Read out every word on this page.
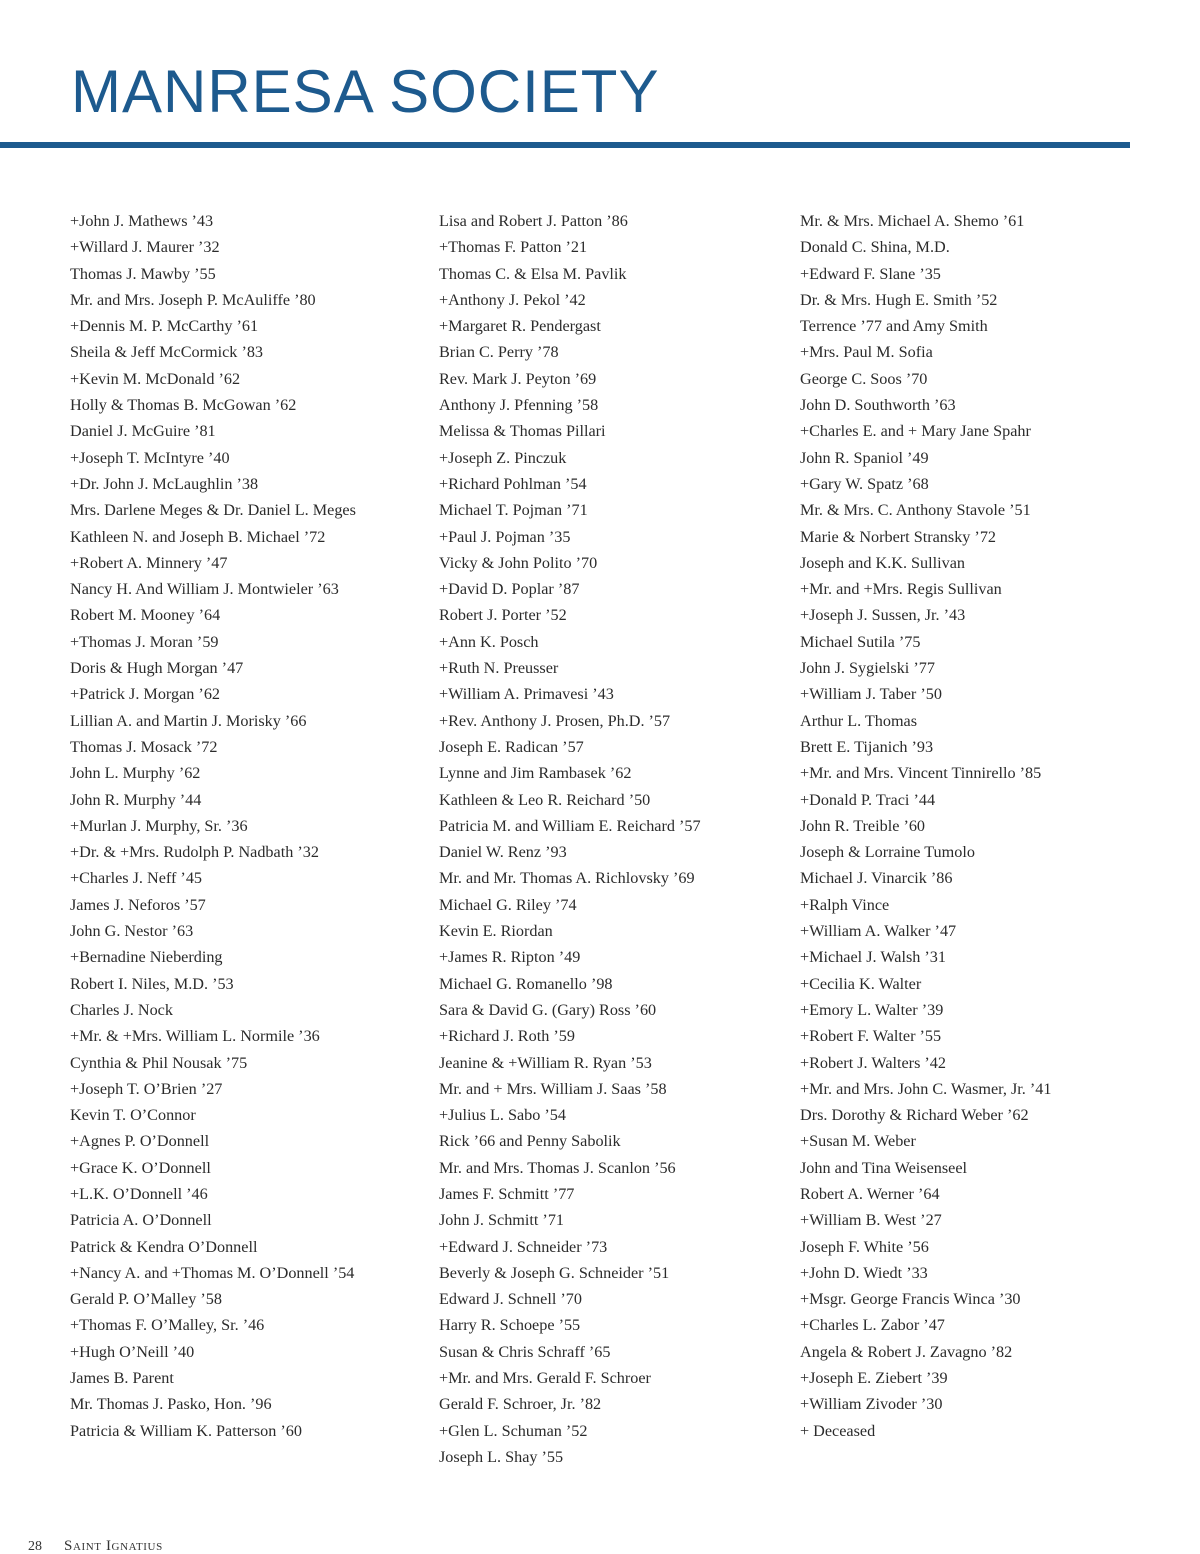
MANRESA SOCIETY
+John J. Mathews ’43
+Willard J. Maurer ’32
Thomas J. Mawby ’55
Mr. and Mrs. Joseph P. McAuliffe ’80
+Dennis M. P. McCarthy ’61
Sheila & Jeff McCormick ’83
+Kevin M. McDonald ’62
Holly & Thomas B. McGowan ’62
Daniel J. McGuire ’81
+Joseph T. McIntyre ’40
+Dr. John J. McLaughlin ’38
Mrs. Darlene Meges & Dr. Daniel L. Meges
Kathleen N. and Joseph B. Michael ’72
+Robert A. Minnery ’47
Nancy H. And William J. Montwieler ’63
Robert M. Mooney ’64
+Thomas J. Moran ’59
Doris & Hugh Morgan ’47
+Patrick J. Morgan ’62
Lillian A. and Martin J. Morisky ’66
Thomas J. Mosack ’72
John L. Murphy ’62
John R. Murphy ’44
+Murlan J. Murphy, Sr. ’36
+Dr. & +Mrs. Rudolph P. Nadbath ’32
+Charles J. Neff ’45
James J. Neforos ’57
John G. Nestor ’63
+Bernadine Nieberding
Robert I. Niles, M.D. ’53
Charles J. Nock
+Mr. & +Mrs. William L. Normile ’36
Cynthia & Phil Nousak ’75
+Joseph T. O’Brien ’27
Kevin T. O’Connor
+Agnes P. O’Donnell
+Grace K. O’Donnell
+L.K. O’Donnell ’46
Patricia A. O’Donnell
Patrick & Kendra O’Donnell
+Nancy A. and +Thomas M. O’Donnell ’54
Gerald P. O’Malley ’58
+Thomas F. O’Malley, Sr. ’46
+Hugh O’Neill ’40
James B. Parent
Mr. Thomas J. Pasko, Hon. ’96
Patricia & William K. Patterson ’60
Lisa and Robert J. Patton ’86
+Thomas F. Patton ’21
Thomas C. & Elsa M. Pavlik
+Anthony J. Pekol ’42
+Margaret R. Pendergast
Brian C. Perry ’78
Rev. Mark J. Peyton ’69
Anthony J. Pfenning ’58
Melissa & Thomas Pillari
+Joseph Z. Pinczuk
+Richard Pohlman ’54
Michael T. Pojman ’71
+Paul J. Pojman ’35
Vicky & John Polito ’70
+David D. Poplar ’87
Robert J. Porter ’52
+Ann K. Posch
+Ruth N. Preusser
+William A. Primavesi ’43
+Rev. Anthony J. Prosen, Ph.D. ’57
Joseph E. Radican ’57
Lynne and Jim Rambasek ’62
Kathleen & Leo R. Reichard ’50
Patricia M. and William E. Reichard ’57
Daniel W. Renz ’93
Mr. and Mr. Thomas A. Richlovsky ’69
Michael G. Riley ’74
Kevin E. Riordan
+James R. Ripton ’49
Michael G. Romanello ’98
Sara & David G. (Gary) Ross ’60
+Richard J. Roth ’59
Jeanine & +William R. Ryan ’53
Mr. and + Mrs. William J. Saas ’58
+Julius L. Sabo ’54
Rick ’66 and Penny Sabolik
Mr. and Mrs. Thomas J. Scanlon ’56
James F. Schmitt ’77
John J. Schmitt ’71
+Edward J. Schneider ’73
Beverly & Joseph G. Schneider ’51
Edward J. Schnell ’70
Harry R. Schoepe ’55
Susan & Chris Schraff ’65
+Mr. and Mrs. Gerald F. Schroer
Gerald F. Schroer, Jr. ’82
+Glen L. Schuman ’52
Joseph L. Shay ’55
Mr. & Mrs. Michael A. Shemo ’61
Donald C. Shina, M.D.
+Edward F. Slane ’35
Dr. & Mrs. Hugh E. Smith ’52
Terrence ’77 and Amy Smith
+Mrs. Paul M. Sofia
George C. Soos ’70
John D. Southworth ’63
+Charles E. and + Mary Jane Spahr
John R. Spaniol ’49
+Gary W. Spatz ’68
Mr. & Mrs. C. Anthony Stavole ’51
Marie & Norbert Stransky ’72
Joseph and K.K. Sullivan
+Mr. and +Mrs. Regis Sullivan
+Joseph J. Sussen, Jr. ’43
Michael Sutila ’75
John J. Sygielski ’77
+William J. Taber ’50
Arthur L. Thomas
Brett E. Tijanich ’93
+Mr. and Mrs. Vincent Tinnirello ’85
+Donald P. Traci ’44
John R. Treible ’60
Joseph & Lorraine Tumolo
Michael J. Vinarcik ’86
+Ralph Vince
+William A. Walker ’47
+Michael J. Walsh ’31
+Cecilia K. Walter
+Emory L. Walter ’39
+Robert F. Walter ’55
+Robert J. Walters ’42
+Mr. and Mrs. John C. Wasmer, Jr. ’41
Drs. Dorothy & Richard Weber ’62
+Susan M. Weber
John and Tina Weisenseel
Robert A. Werner ’64
+William B. West ’27
Joseph F. White ’56
+John D. Wiedt ’33
+Msgr. George Francis Winca ’30
+Charles L. Zabor ’47
Angela & Robert J. Zavagno ’82
+Joseph E. Ziebert ’39
+William Zivoder ’30
+ Deceased
28 Saint Ignatius
